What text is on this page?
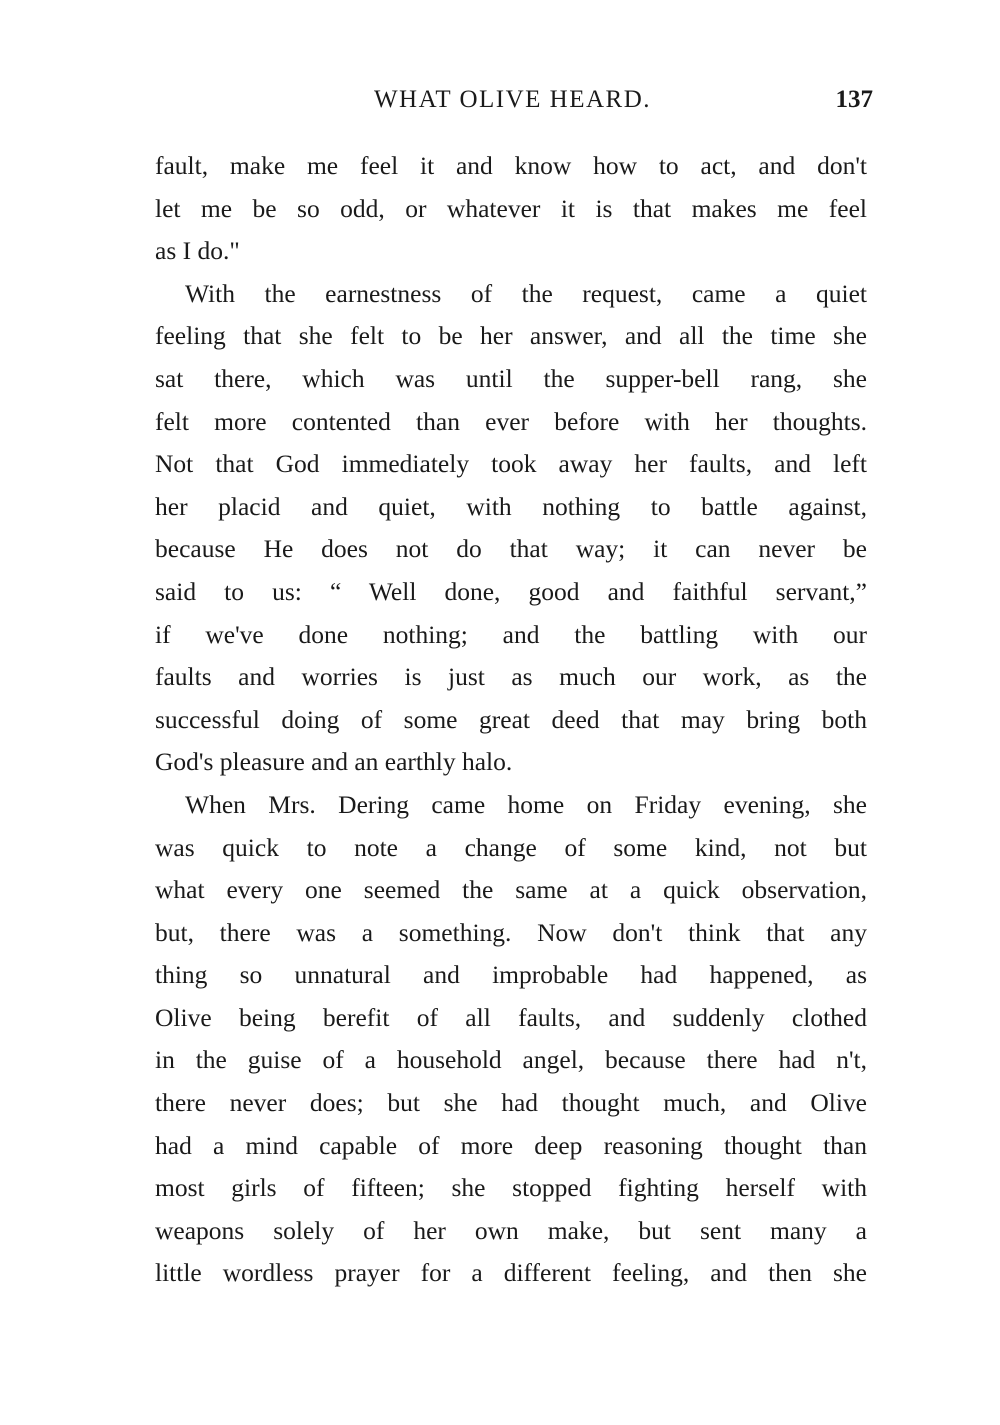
WHAT OLIVE HEARD.	137
fault, make me feel it and know how to act, and don't
let me be so odd, or whatever it is that makes me feel
as I do."
With the earnestness of the request, came a quiet
feeling that she felt to be her answer, and all the time she
sat there, which was until the supper-bell rang, she
felt more contented than ever before with her thoughts.
Not that God immediately took away her faults, and left
her placid and quiet, with nothing to battle against,
because He does not do that way; it can never be
said to us: “ Well done, good and faithful servant,”
if we've done nothing; and the battling with our
faults and worries is just as much our work, as the
successful doing of some great deed that may bring both
God's pleasure and an earthly halo.
When Mrs. Dering came home on Friday evening, she
was quick to note a change of some kind, not but
what every one seemed the same at a quick observation,
but, there was a something. Now don't think that any
thing so unnatural and improbable had happened, as
Olive being berefit of all faults, and suddenly clothed
in the guise of a household angel, because there had n't,
there never does; but she had thought much, and Olive
had a mind capable of more deep reasoning thought than
most girls of fifteen; she stopped fighting herself with
weapons solely of her own make, but sent many a
little wordless prayer for a different feeling, and then she
